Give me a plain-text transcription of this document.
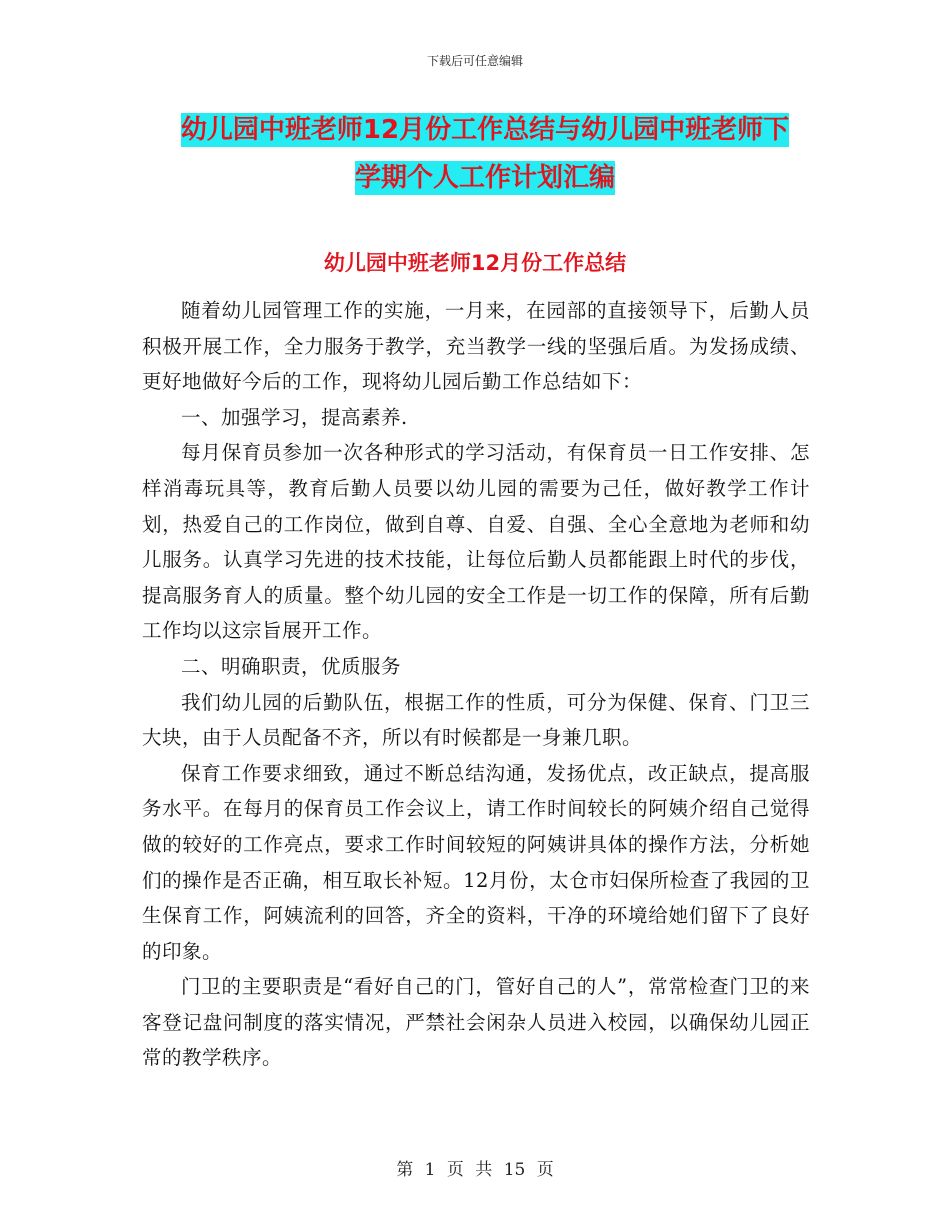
下载后可任意编辑
幼儿园中班老师12月份工作总结与幼儿园中班老师下
学期个人工作计划汇编
幼儿园中班老师12月份工作总结

随着幼儿园管理工作的实施，一月来，在园部的直接领导下，后勤人员积极开展工作，全力服务于教学，充当教学一线的坚强后盾。为发扬成绩、更好地做好今后的工作，现将幼儿园后勤工作总结如下：

一、加强学习，提高素养.

每月保育员参加一次各种形式的学习活动，有保育员一日工作安排、怎样消毒玩具等，教育后勤人员要以幼儿园的需要为己任，做好教学工作计划，热爱自己的工作岗位，做到自尊、自爱、自强、全心全意地为老师和幼儿服务。认真学习先进的技术技能，让每位后勤人员都能跟上时代的步伐，提高服务育人的质量。整个幼儿园的安全工作是一切工作的保障，所有后勤工作均以这宗旨展开工作。

二、明确职责，优质服务

我们幼儿园的后勤队伍，根据工作的性质，可分为保健、保育、门卫三大块，由于人员配备不齐，所以有时候都是一身兼几职。

保育工作要求细致，通过不断总结沟通，发扬优点，改正缺点，提高服务水平。在每月的保育员工作会议上，请工作时间较长的阿姨介绍自己觉得做的较好的工作亮点，要求工作时间较短的阿姨讲具体的操作方法，分析她们的操作是否正确，相互取长补短。12月份，太仓市妇保所检查了我园的卫生保育工作，阿姨流利的回答，齐全的资料，干净的环境给她们留下了良好的印象。

门卫的主要职责是“看好自己的门，管好自己的人”，常常检查门卫的来客登记盘问制度的落实情况，严禁社会闲杂人员进入校园，以确保幼儿园正常的教学秩序。

第 1 页 共 15 页
